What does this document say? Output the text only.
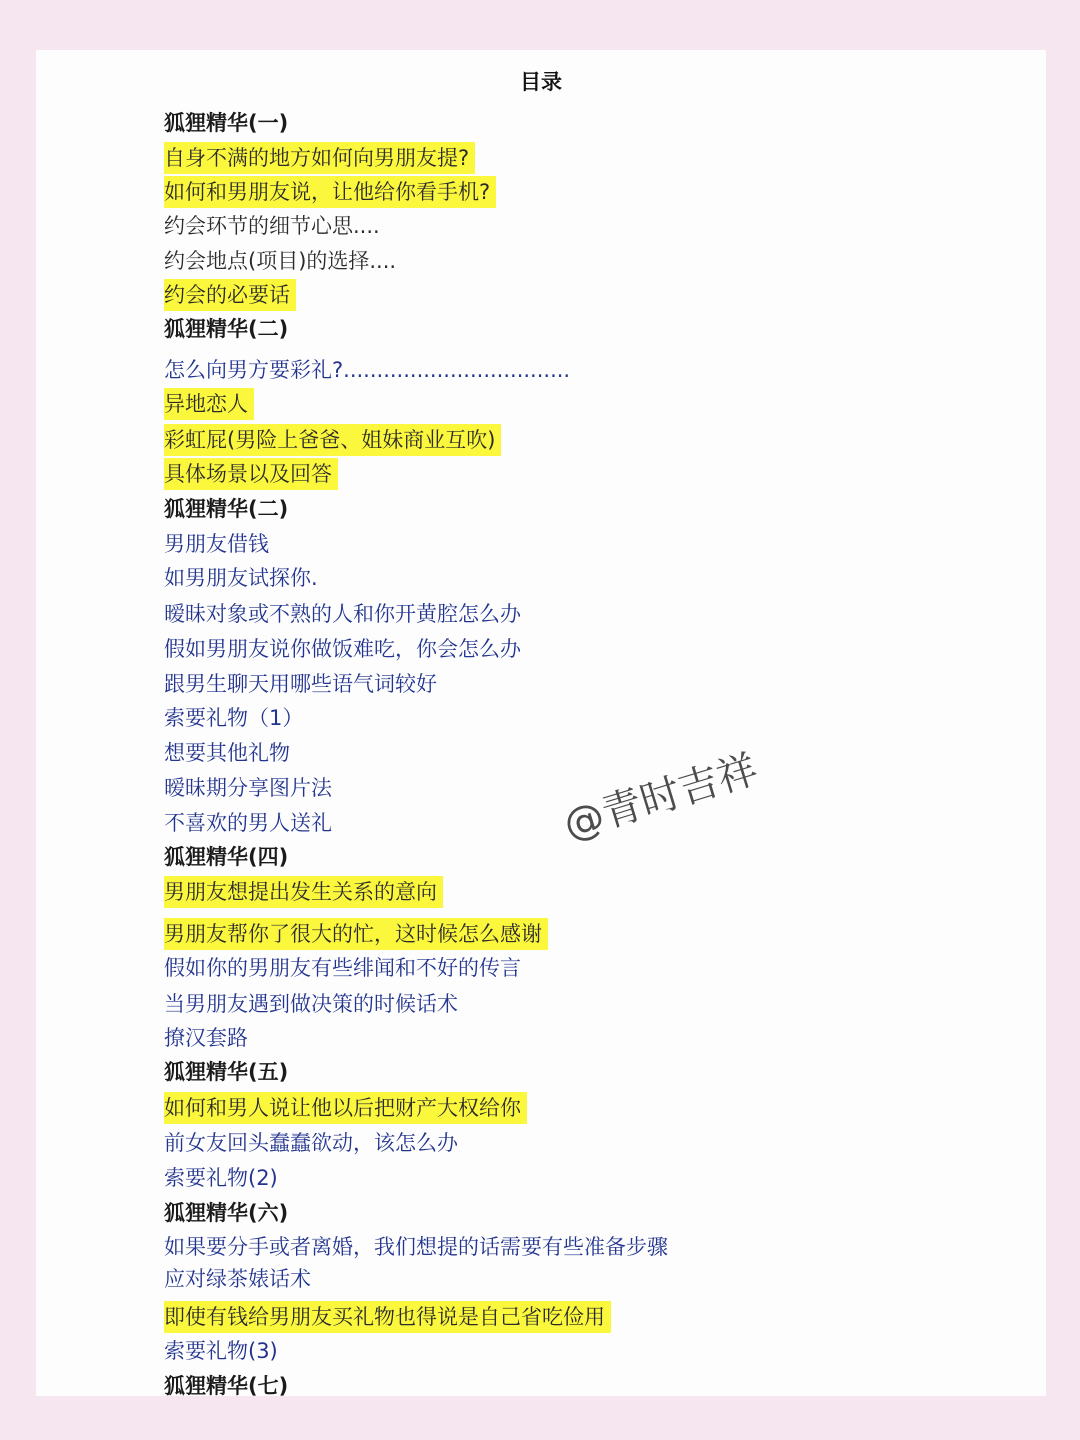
目录
狐狸精华(一)
自身不满的地方如何向男朋友提?
如何和男朋友说，让他给你看手机?
约会环节的细节心思....
约会地点(项目)的选择....
约会的必要话
狐狸精华(二)
怎么向男方要彩礼?..................................
异地恋人
彩虹屁(男险上爸爸、姐妹商业互吹)
具体场景以及回答
狐狸精华(二)
男朋友借钱
如男朋友试探你.
暧昧对象或不熟的人和你开黄腔怎么办
假如男朋友说你做饭难吃，你会怎么办
跟男生聊天用哪些语气词较好
索要礼物（1）
想要其他礼物
暧昧期分享图片法
不喜欢的男人送礼
狐狸精华(四)
男朋友想提出发生关系的意向
男朋友帮你了很大的忙，这时候怎么感谢
假如你的男朋友有些绯闻和不好的传言
当男朋友遇到做决策的时候话术
撩汉套路
狐狸精华(五)
如何和男人说让他以后把财产大权给你
前女友回头蠢蠢欲动，该怎么办
索要礼物(2)
狐狸精华(六)
如果要分手或者离婚，我们想提的话需要有些准备步骤
应对绿茶婊话术
即使有钱给男朋友买礼物也得说是自己省吃俭用
索要礼物(3)
狐狸精华(七)
@青时吉祥
